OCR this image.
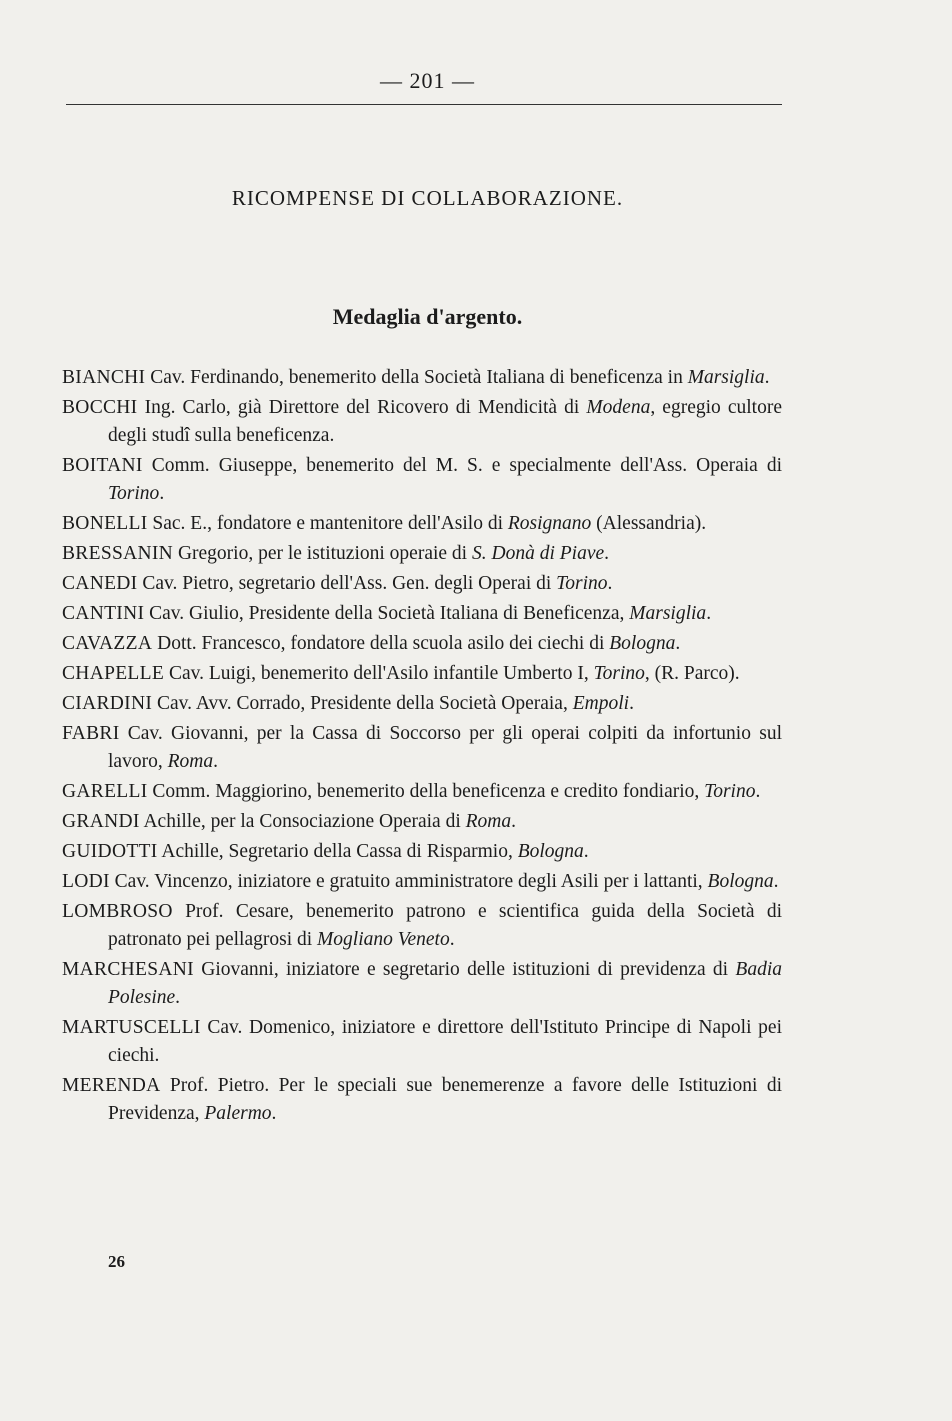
— 201 —
RICOMPENSE DI COLLABORAZIONE.
Medaglia d'argento.

BIANCHI Cav. Ferdinando, benemerito della Società Italiana di beneficenza in Marsiglia.

BOCCHI Ing. Carlo, già Direttore del Ricovero di Mendicità di Modena, egregio cultore degli studî sulla beneficenza.

BOITANI Comm. Giuseppe, benemerito del M. S. e specialmente dell'Ass. Operaia di Torino.

BONELLI Sac. E., fondatore e mantenitore dell'Asilo di Rosignano (Alessandria).

BRESSANIN Gregorio, per le istituzioni operaie di S. Donà di Piave.

CANEDI Cav. Pietro, segretario dell'Ass. Gen. degli Operai di Torino.

CANTINI Cav. Giulio, Presidente della Società Italiana di Beneficenza, Marsiglia.

CAVAZZA Dott. Francesco, fondatore della scuola asilo dei ciechi di Bologna.

CHAPELLE Cav. Luigi, benemerito dell'Asilo infantile Umberto I, Torino, (R. Parco).

CIARDINI Cav. Avv. Corrado, Presidente della Società Operaia, Empoli.

FABRI Cav. Giovanni, per la Cassa di Soccorso per gli operai colpiti da infortunio sul lavoro, Roma.

GARELLI Comm. Maggiorino, benemerito della beneficenza e credito fondiario, Torino.

GRANDI Achille, per la Consociazione Operaia di Roma.

GUIDOTTI Achille, Segretario della Cassa di Risparmio, Bologna.

LODI Cav. Vincenzo, iniziatore e gratuito amministratore degli Asili per i lattanti, Bologna.

LOMBROSO Prof. Cesare, benemerito patrono e scientifica guida della Società di patronato pei pellagrosi di Mogliano Veneto.

MARCHESANI Giovanni, iniziatore e segretario delle istituzioni di previdenza di Badia Polesine.

MARTUSCELLI Cav. Domenico, iniziatore e direttore dell'Istituto Principe di Napoli pei ciechi.

MERENDA Prof. Pietro. Per le speciali sue benemerenze a favore delle Istituzioni di Previdenza, Palermo.

26
